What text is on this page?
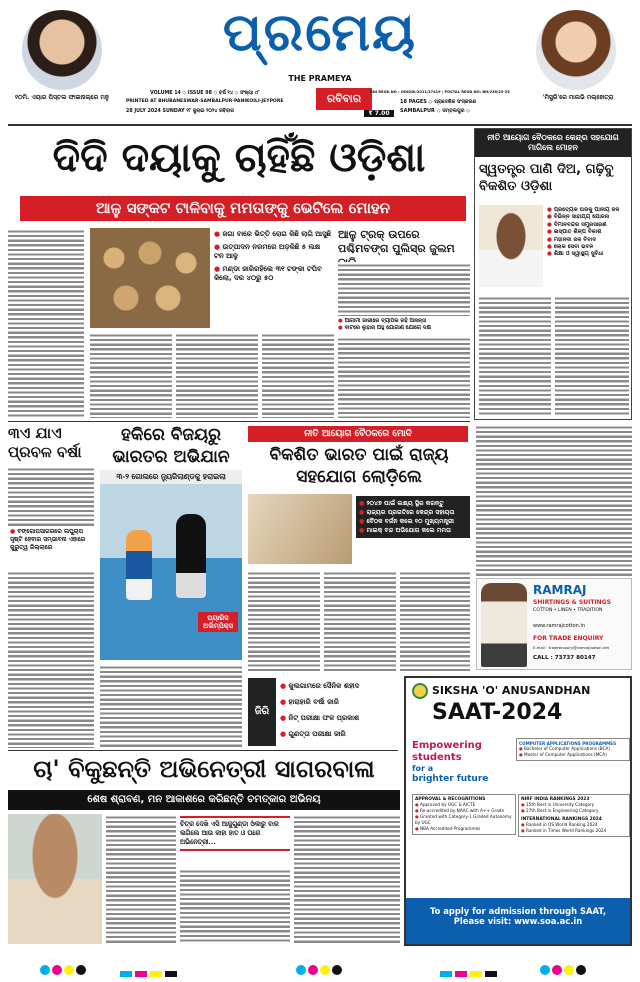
୧୦ମି. ଏୟାର ପିସ୍ତଲ ଫାଇନାଲ୍‌ରେ ମନୁ
ପ୍ରମେୟ
THE PRAMEYA
'ମିସ୍ଟ୍ରି'ରେ ମାଲଭି ମଲ୍ହୋତ୍ରା
VOLUME 14 ◇ ISSUE 98 ◇ ବର୍ଷ ୧୪ ◇ ସଂଖ୍ୟା ୯୮
PRINTED AT BHUBANESWAR·SAMBALPUR·PANIKOILI·JEYPORE
28 JULY 2024 SUNDAY ୨୮ ଜୁଲାଇ ୨୦୨୪ ରବିବାର
ରବିବାର
₹ 7.00
RNI REGD NO : ODIODI/2011/37419 | POSTAL REGD NO: BH/236/23-25
18 PAGES ◇ ପ୍ରାଦେଶିକ ସଂସ୍କରଣ
SAMBALPUR ◇ ସମ୍ବଲପୁର ◇
ଦିଦି ଦୟାକୁ ଚାହିଁଛି ଓଡ଼ିଶା
ଆଳୁ ସଙ୍କଟ ଟାଳିବାକୁ ମମତାଙ୍କୁ ଭେଟିଲେ ମୋହନ
● ଜଗା ବାରେ ଭିତ୍ତି ରୋଗ କିଛି ଲାଗି ଆସୁଛି
● ଉତ୍ପାଦନ ନରମରେ ଅଡ଼କିଛି ୫ ଲକ୍ଷ ଟନ ଆଳୁ
● ମଣ୍ଡା ଜାରିରହିଲେ ୩୧ ଟଙ୍କା ଟପିବ କିଲୋ, ଦର ୪୦ରୁ ୫୦
ଆଳୁ ଟ୍ରକ୍ ଉପରେ ପଶ୍ଚିମବଙ୍ଗ ପୁଲିସ୍‌ର ଜୁଲମ
● ଆଗାମୀ ଜାରୀରେ ବ୍ୟାପକ ରହି ଆସନ୍ତା
● ବାଟରେ ଲୁହାର ଅହୁ ଯୋଗାଣ ଯୋଗେ ଦକ୍ଷ
ନୀତି ଆୟୋଗ ବୈଠକରେ କେନ୍ଦ୍ର ସହଯୋଗ ମାଗିଲେ ମୋହନ
ସ୍ୱତନ୍ତ୍ର ପାଣି ଦିଅ, ଗଢ଼ିବୁ ବିକଶିତ ଓଡ଼ିଶା
● ପ୍ରତ୍ୟେକ ଘରକୁ ପାନୀୟ ଜଳ
● ବିଭିନ୍ନ ସାହାଯ୍ୟ ଯୋଜନା
● ବିମାନବନ୍ଦର ସମ୍ପ୍ରସାରଣ
● ଇସ୍ପାତ ଶିଳ୍ପ ବିକାଶ
● ମହାନଦୀ ଜଳ ବିବାଦ
● ଲୋକ ସେବା ଭବନ
● ଶିକ୍ଷା ଓ ସ୍ୱାସ୍ଥ୍ୟ ସୁବିଧା
୩ଏ ଯାଏ ପ୍ରବଳ ବର୍ଷା
● ବଙ୍ଗୋପସାଗରରେ ଲଘୁଚାପ ସୃଷ୍ଟି ହେବାର ସମ୍ଭାବନା ଏହାରେ ଗୁରୁତ୍ୱ ଜିଲ୍ଲାରେ
ହକିରେ ବିଜୟରୁ ଭାରତର ଅଭିଯାନ
୩-୨ ଗୋଲରେ ନ୍ୟୁଜିଲାଣ୍ଡକୁ ହରାଇଲା
ପ୍ୟାରିସ ଅଲିମ୍ପିକ୍ସ
ନୀତି ଆୟୋଗ ବୈଠକରେ ମୋଦି
ବିକଶିତ ଭାରତ ପାଇଁ ରାଜ୍ୟ ସହଯୋଗ ଲୋଡ଼ିଲେ
● ୨୦୪୭ ପାଇଁ ଲକ୍ଷ୍ୟ ସ୍ଥିର କରନ୍ତୁ
● ରାଜ୍ୟର ପ୍ରଗତିରେ କେନ୍ଦ୍ର ସହାୟତା
● ବୈଠକ ବର୍ଜନ କଲେ ୧୦ ମୁଖ୍ୟମନ୍ତ୍ରୀ
● ମାଇକ୍ ବନ୍ଦ ଅଭିଯୋଗ କଲେ ମମତା
ଜିରି
● କୁଲଗାମରେ ସୈନିକ ଶହୀଦ
● ହାରାହାରି ବର୍ଷା ଜାରି
● ନିଟ୍ ପରୀକ୍ଷା ଫଳ ପ୍ରକାଶ
● ଗୁଣତ୍ତା ପରୀକ୍ଷା ଜାରି
RAMRAJ
SHIRTINGS & SUITINGS
COTTON • LINEN • TRADITION
www.ramrajcotton.in
FOR TRADE ENQUIRY
E-mail : tradeenquiry@ramrajcotton.net
CALL : 73737 80147
ଚା' ବିକୁଛନ୍ତି ଅଭିନେତ୍ରୀ ସାଗରବାଳା
ଶେଷ ଶ୍ରାବଣ, ମନ ଆକାଶରେ କରିଛନ୍ତି ଚମତ୍କାର ଅଭିନୟ
ଚିତ୍ର ଦେଖି ଏସି ଆଜୁଗୁଣ୍ଡା ଓଁକାରୁ ବାର ଲଗିଲେ ଆଉ କାହା ହାତ ଓ ଘରେ ଅଭିନେତ୍ରୀ...
SIKSHA 'O' ANUSANDHAN
SAAT-2024
Empowering
students
for a
brighter future
COMPUTER APPLICATIONS PROGRAMMES
● Bachelor of Computer Applications (BCA)
● Master of Computer Applications (MCA)
APPROVAL & RECOGNITIONS
● Approved by UGC & AICTE
● Re-accredited by NAAC with A++ Grade
● Granted with Category-1 Graded Autonomy by UGC
● NBA Accredited Programmes
NIRF INDIA RANKINGS 2023
● 15th Best in University Category
● 27th Best in Engineering Category
INTERNATIONAL RANKINGS 2024
● Ranked in QS World Ranking 2024
● Ranked in Times World Rankings 2024
To apply for admission through SAAT,
Please visit: www.soa.ac.in
